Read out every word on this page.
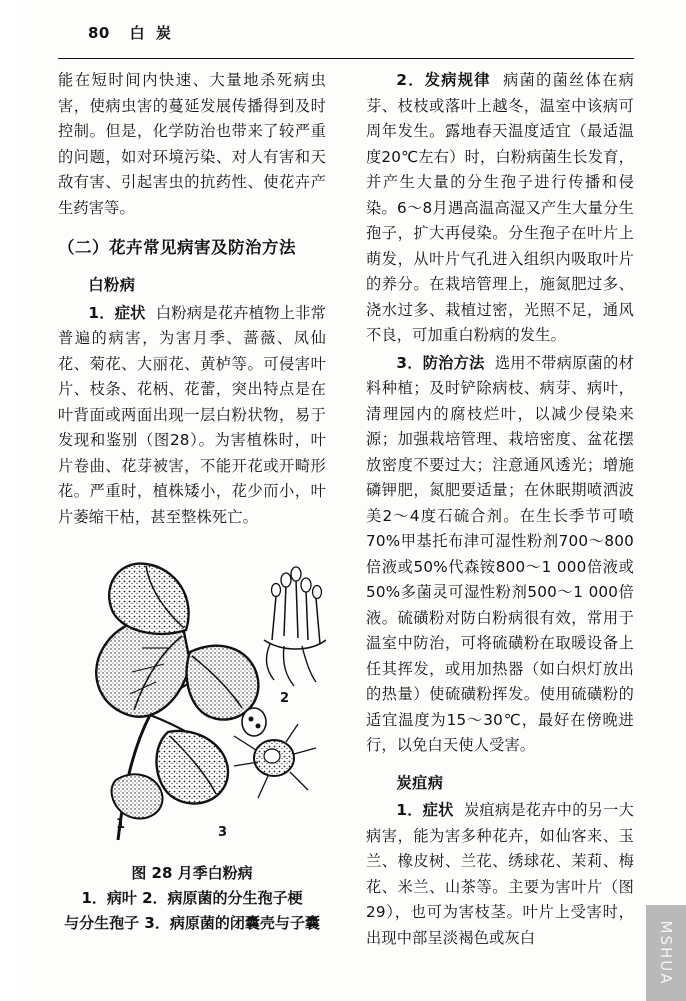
80 白 炭

能在短时间内快速、大量地杀死病虫害，使病虫害的蔓延发展传播得到及时控制。但是，化学防治也带来了较严重的问题，如对环境污染、对人有害和天敌有害、引起害虫的抗药性、使花卉产生药害等。

（二）花卉常见病害及防治方法
白粉病

1．症状 白粉病是花卉植物上非常普遍的病害，为害月季、蔷薇、凤仙花、菊花、大丽花、黄栌等。可侵害叶片、枝条、花柄、花蕾，突出特点是在叶背面或两面出现一层白粉状物，易于发现和鉴别（图28）。为害植株时，叶片卷曲、花芽被害，不能开花或开畸形花。严重时，植株矮小，花少而小，叶片萎缩干枯，甚至整株死亡。

1
2
3
图 28 月季白粉病
1．病叶 2．病原菌的分生孢子梗
与分生孢子 3．病原菌的闭囊壳与子囊

2．发病规律 病菌的菌丝体在病芽、枝枝或落叶上越冬，温室中该病可周年发生。露地春天温度适宜（最适温度20℃左右）时，白粉病菌生长发育，并产生大量的分生孢子进行传播和侵染。6～8月遇高温高湿又产生大量分生孢子，扩大再侵染。分生孢子在叶片上萌发，从叶片气孔进入组织内吸取叶片的养分。在栽培管理上，施氮肥过多、浇水过多、栽植过密，光照不足，通风不良，可加重白粉病的发生。

3．防治方法 选用不带病原菌的材料种植；及时铲除病枝、病芽、病叶，清理园内的腐枝烂叶，以减少侵染来源；加强栽培管理、栽培密度、盆花摆放密度不要过大；注意通风透光；增施磷钾肥，氮肥要适量；在休眠期喷洒波美2～4度石硫合剂。在生长季节可喷70%甲基托布津可湿性粉剂700～800倍液或50%代森铵800～1 000倍液或50%多菌灵可湿性粉剂500～1 000倍液。硫磺粉对防白粉病很有效，常用于温室中防治，可将硫磺粉在取暖设备上任其挥发，或用加热器（如白炽灯放出的热量）使硫磺粉挥发。使用硫磺粉的适宜温度为15～30℃，最好在傍晚进行，以免白天使人受害。

炭疽病

1．症状 炭疽病是花卉中的另一大病害，能为害多种花卉，如仙客来、玉兰、橡皮树、兰花、绣球花、茉莉、梅花、米兰、山茶等。主要为害叶片（图29），也可为害枝茎。叶片上受害时，出现中部呈淡褐色或灰白	MSHUA
